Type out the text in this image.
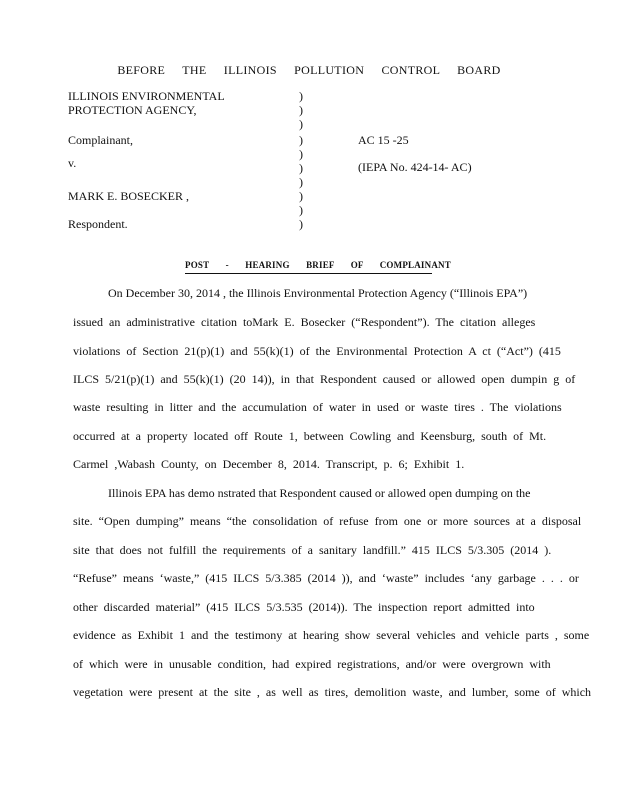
BEFORE THE ILLINOIS POLLUTION CONTROL BOARD
ILLINOIS ENVIRONMENTAL
PROTECTION AGENCY,
Complainant,
v.
MARK E. BOSECKER ,
Respondent.
)
)
)
)
)
)
)
)
)
)
AC 15 -25
(IEPA No. 424-14- AC)
POST - HEARING BRIEF OF COMPLAINANT
On December 30, 2014 , the Illinois Environmental Protection Agency (“Illinois EPA”)
issued an administrative citation toMark E. Bosecker (“Respondent”). The citation alleges
violations of Section 21(p)(1) and 55(k)(1) of the Environmental Protection A ct (“Act”) (415
ILCS 5/21(p)(1) and 55(k)(1) (20 14)), in that Respondent caused or allowed open dumpin g of
waste resulting in litter and the accumulation of water in used or waste tires . The violations
occurred at a property located off Route 1, between Cowling and Keensburg, south of Mt.
Carmel ,Wabash County, on December 8, 2014. Transcript, p. 6; Exhibit 1.
Illinois EPA has demo nstrated that Respondent caused or allowed open dumping on the
site. “Open dumping” means “the consolidation of refuse from one or more sources at a disposal
site that does not fulfill the requirements of a sanitary landfill.” 415 ILCS 5/3.305 (2014 ).
“Refuse” means ‘waste,” (415 ILCS 5/3.385 (2014 )), and ‘waste” includes ‘any garbage . . . or
other discarded material” (415 ILCS 5/3.535 (2014)). The inspection report admitted into
evidence as Exhibit 1 and the testimony at hearing show several vehicles and vehicle parts , some
of which were in unusable condition, had expired registrations, and/or were overgrown with
vegetation were present at the site , as well as tires, demolition waste, and lumber, some of which
